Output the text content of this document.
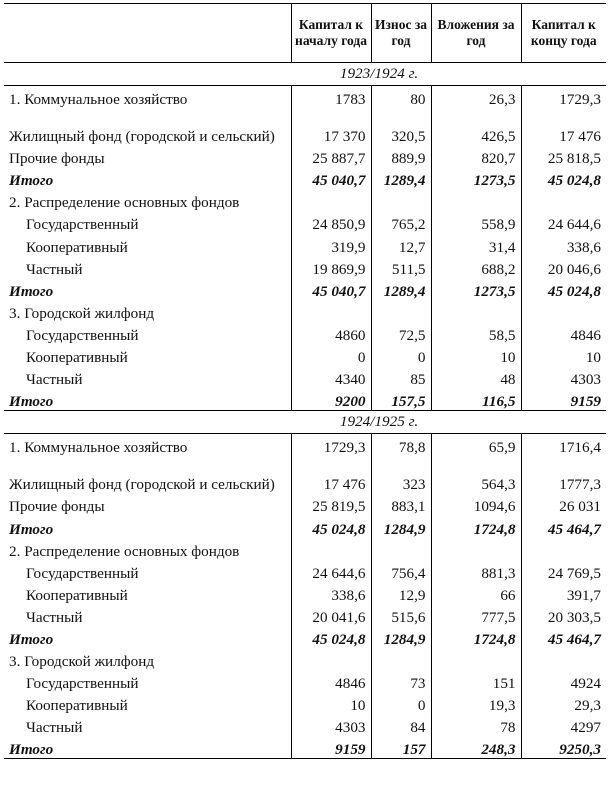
	Капитал к началу года	Износ за год	Вложения за год	Капитал к концу года
1923/1924 г.				
1. Коммунальное хозяйство	1783	80	26,3	1729,3
Жилищный фонд (городской и сельский)	17 370	320,5	426,5	17 476
Прочие фонды	25 887,7	889,9	820,7	25 818,5
Итого	45 040,7	1289,4	1273,5	45 024,8
2. Распределение основных фондов				
Государственный	24 850,9	765,2	558,9	24 644,6
Кооперативный	319,9	12,7	31,4	338,6
Частный	19 869,9	511,5	688,2	20 046,6
Итого	45 040,7	1289,4	1273,5	45 024,8
3. Городской жилфонд				
Государственный	4860	72,5	58,5	4846
Кооперативный	0	0	10	10
Частный	4340	85	48	4303
Итого	9200	157,5	116,5	9159
1924/1925 г.				
1. Коммунальное хозяйство	1729,3	78,8	65,9	1716,4
Жилищный фонд (городской и сельский)	17 476	323	564,3	1777,3
Прочие фонды	25 819,5	883,1	1094,6	26 031
Итого	45 024,8	1284,9	1724,8	45 464,7
2. Распределение основных фондов				
Государственный	24 644,6	756,4	881,3	24 769,5
Кооперативный	338,6	12,9	66	391,7
Частный	20 041,6	515,6	777,5	20 303,5
Итого	45 024,8	1284,9	1724,8	45 464,7
3. Городской жилфонд				
Государственный	4846	73	151	4924
Кооперативный	10	0	19,3	29,3
Частный	4303	84	78	4297
Итого	9159	157	248,3	9250,3
